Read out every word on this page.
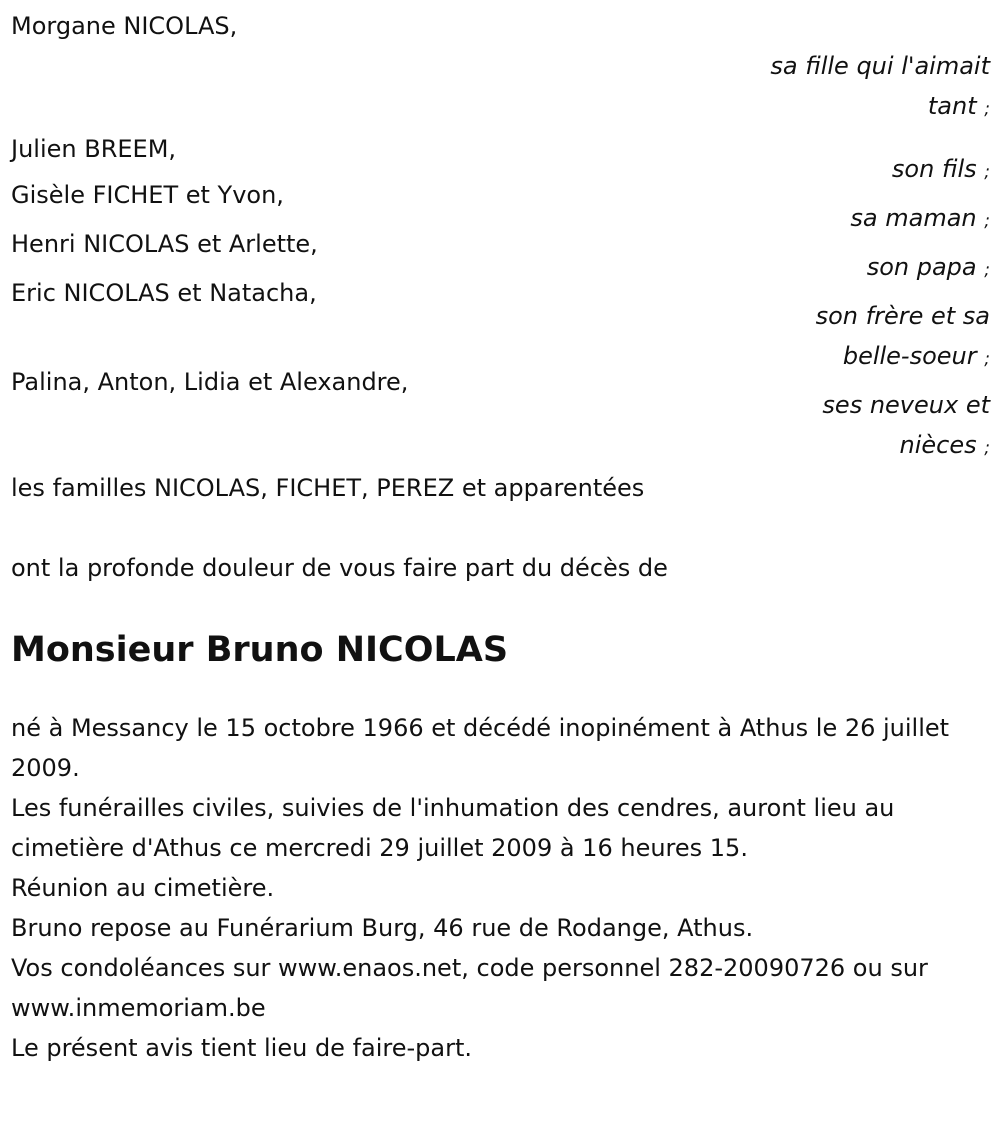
Morgane NICOLAS,

sa fille qui l'aimait
tant ;

Julien BREEM,

son fils ;

Gisèle FICHET et Yvon,

sa maman ;

Henri NICOLAS et Arlette,

son papa ;

Eric NICOLAS et Natacha,

son frère et sa
belle-soeur ;

Palina, Anton, Lidia et Alexandre,

ses neveux et
nièces ;

les familles NICOLAS, FICHET, PEREZ et apparentées

ont la profonde douleur de vous faire part du décès de

Monsieur Bruno NICOLAS

né à Messancy le 15 octobre 1966 et décédé inopinément à Athus le 26 juillet 2009.

Les funérailles civiles, suivies de l'inhumation des cendres, auront lieu au cimetière d'Athus ce mercredi 29 juillet 2009 à 16 heures 15.

Réunion au cimetière.

Bruno repose au Funérarium Burg, 46 rue de Rodange, Athus.

Vos condoléances sur www.enaos.net, code personnel 282-20090726 ou sur www.inmemoriam.be

Le présent avis tient lieu de faire-part.
